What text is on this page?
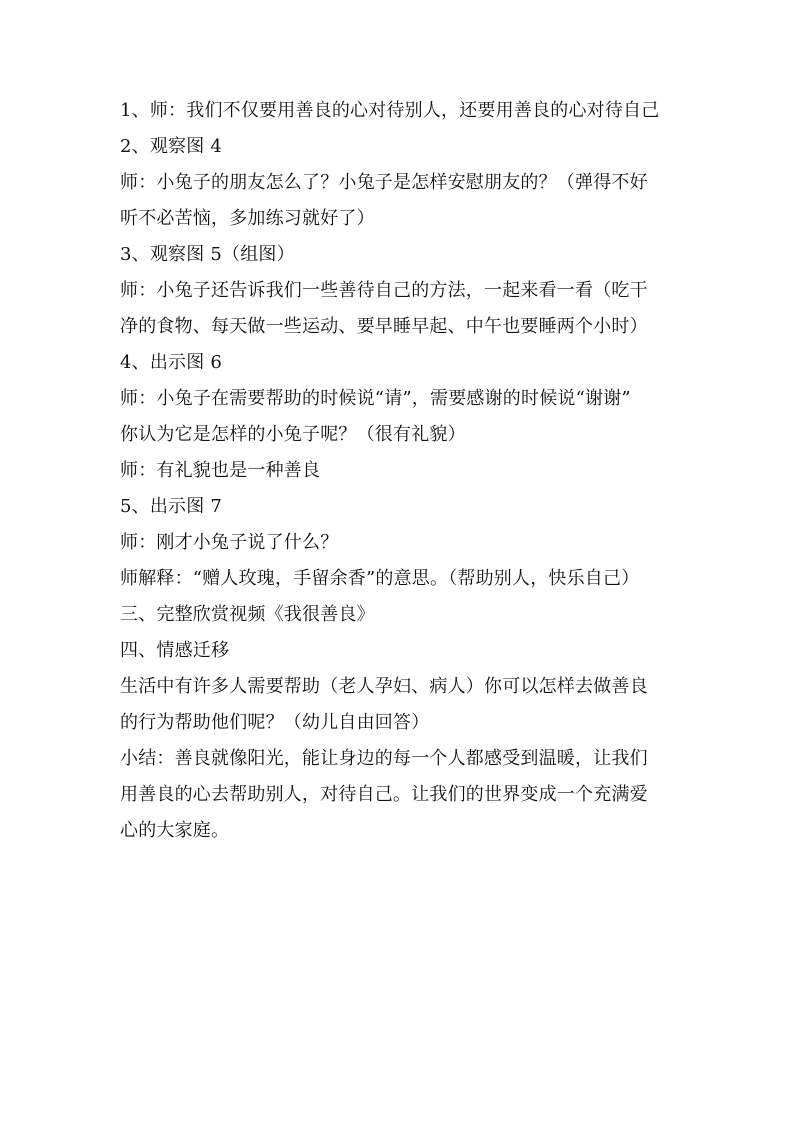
1、师：我们不仅要用善良的心对待别人，还要用善良的心对待自己
2、观察图 4
师：小兔子的朋友怎么了？小兔子是怎样安慰朋友的？（弹得不好
听不必苦恼，多加练习就好了）
3、观察图 5（组图）
师：小兔子还告诉我们一些善待自己的方法，一起来看一看（吃干
净的食物、每天做一些运动、要早睡早起、中午也要睡两个小时）
4、出示图 6
师：小兔子在需要帮助的时候说“请”，需要感谢的时候说“谢谢”
你认为它是怎样的小兔子呢？（很有礼貌）
师：有礼貌也是一种善良
5、出示图 7
师：刚才小兔子说了什么？
师解释：“赠人玫瑰，手留余香”的意思。（帮助别人，快乐自己）
三、完整欣赏视频《我很善良》
四、情感迁移
生活中有许多人需要帮助（老人孕妇、病人）你可以怎样去做善良
的行为帮助他们呢？（幼儿自由回答）
小结：善良就像阳光，能让身边的每一个人都感受到温暖，让我们
用善良的心去帮助别人，对待自己。让我们的世界变成一个充满爱
心的大家庭。
